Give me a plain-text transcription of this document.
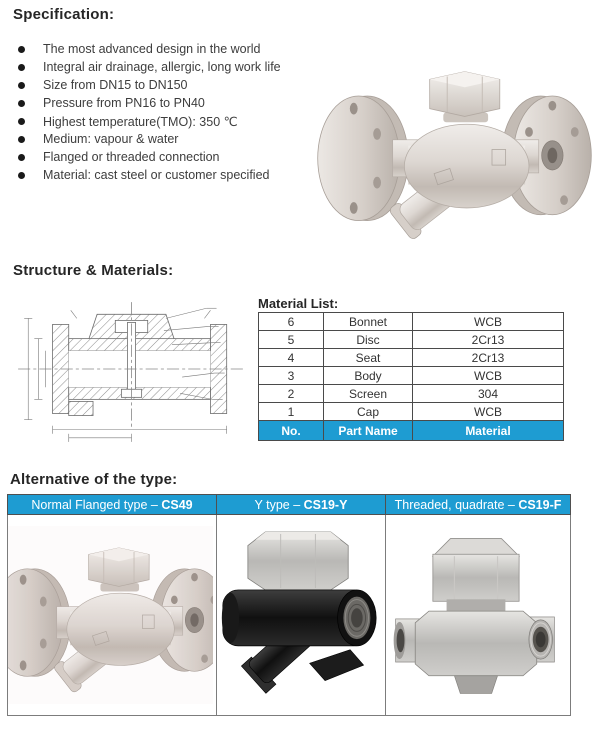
Specification:
The most advanced design in the world
Integral air drainage, allergic, long work life
Size from DN15 to DN150
Pressure from PN16 to PN40
Highest temperature(TMO): 350 ℃
Medium: vapour & water
Flanged or threaded connection
Material: cast steel or customer specified
Structure & Materials:
Material List:
6	Bonnet	WCB
5	Disc	2Cr13
4	Seat	2Cr13
3	Body	WCB
2	Screen	304
1	Cap	WCB
No.	Part Name	Material
Alternative of the type:
Normal Flanged type – CS49	Y type – CS19-Y	Threaded, quadrate – CS19-F
